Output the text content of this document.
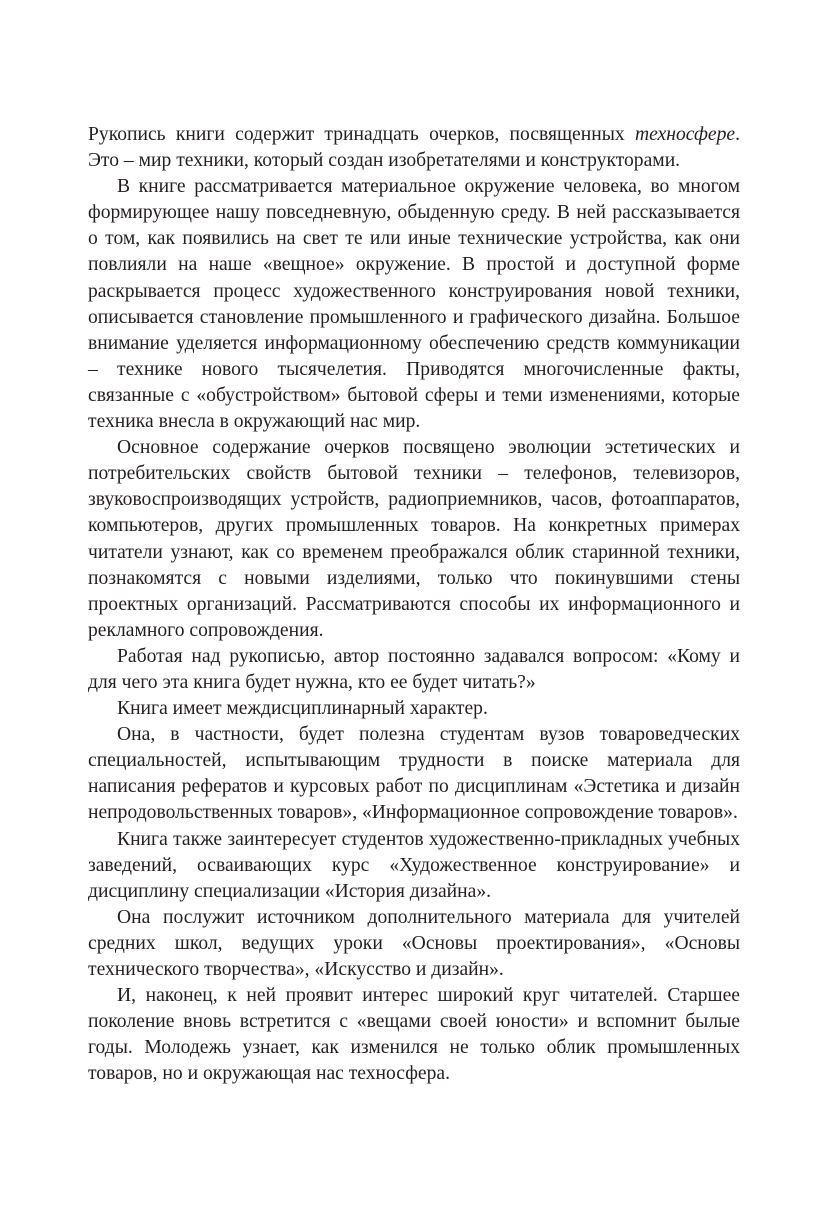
Рукопись книги содержит тринадцать очерков, посвященных техносфере. Это – мир техники, который создан изобретателями и конструкторами.

В книге рассматривается материальное окружение человека, во многом формирующее нашу повседневную, обыденную среду. В ней рассказывается о том, как появились на свет те или иные технические устройства, как они повлияли на наше «вещное» окружение. В простой и доступной форме раскрывается процесс художественного конструирования новой техники, описывается становление промышленного и графического дизайна. Большое внимание уделяется информационному обеспечению средств коммуникации – технике нового тысячелетия. Приводятся многочисленные факты, связанные с «обустройством» бытовой сферы и теми изменениями, которые техника внесла в окружающий нас мир.

Основное содержание очерков посвящено эволюции эстетических и потребительских свойств бытовой техники – телефонов, телевизоров, звуковоспроизводящих устройств, радиоприемников, часов, фотоаппаратов, компьютеров, других промышленных товаров. На конкретных примерах читатели узнают, как со временем преображался облик старинной техники, познакомятся с новыми изделиями, только что покинувшими стены проектных организаций. Рассматриваются способы их информационного и рекламного сопровождения.

Работая над рукописью, автор постоянно задавался вопросом: «Кому и для чего эта книга будет нужна, кто ее будет читать?»

Книга имеет междисциплинарный характер.

Она, в частности, будет полезна студентам вузов товароведческих специальностей, испытывающим трудности в поиске материала для написания рефератов и курсовых работ по дисциплинам «Эстетика и дизайн непродовольственных товаров», «Информационное сопровождение товаров».

Книга также заинтересует студентов художественно-прикладных учебных заведений, осваивающих курс «Художественное конструирование» и дисциплину специализации «История дизайна».

Она послужит источником дополнительного материала для учителей средних школ, ведущих уроки «Основы проектирования», «Основы технического творчества», «Искусство и дизайн».

И, наконец, к ней проявит интерес широкий круг читателей. Старшее поколение вновь встретится с «вещами своей юности» и вспомнит былые годы. Молодежь узнает, как изменился не только облик промышленных товаров, но и окружающая нас техносфера.
